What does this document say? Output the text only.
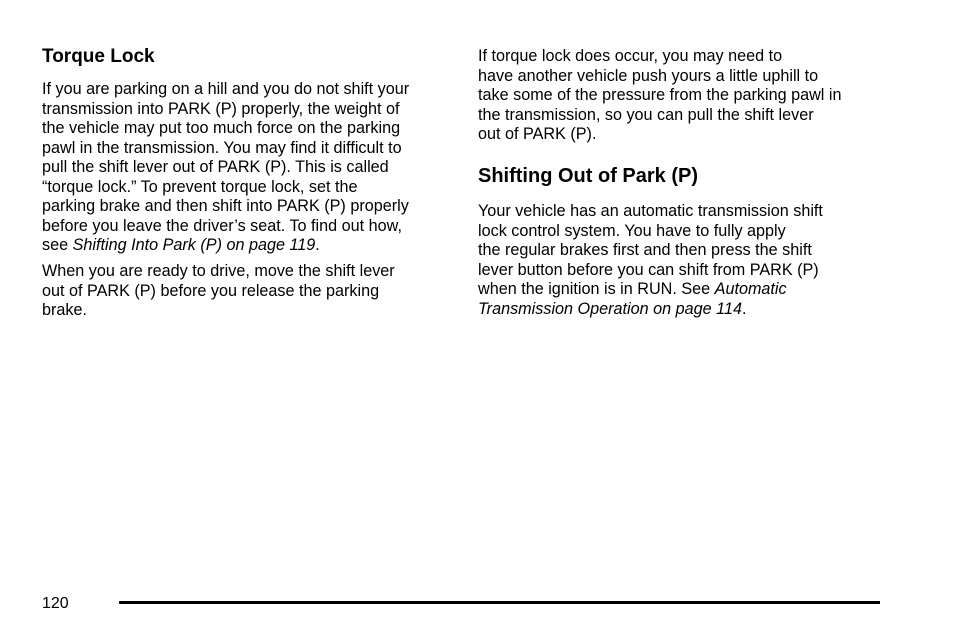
Torque Lock

If you are parking on a hill and you do not shift your
transmission into PARK (P) properly, the weight of
the vehicle may put too much force on the parking
pawl in the transmission. You may find it difficult to
pull the shift lever out of PARK (P). This is called
“torque lock.” To prevent torque lock, set the
parking brake and then shift into PARK (P) properly
before you leave the driver’s seat. To find out how,
see Shifting Into Park (P) on page 119.

When you are ready to drive, move the shift lever
out of PARK (P) before you release the parking
brake.

If torque lock does occur, you may need to
have another vehicle push yours a little uphill to
take some of the pressure from the parking pawl in
the transmission, so you can pull the shift lever
out of PARK (P).

Shifting Out of Park (P)

Your vehicle has an automatic transmission shift
lock control system. You have to fully apply
the regular brakes first and then press the shift
lever button before you can shift from PARK (P)
when the ignition is in RUN. See Automatic
Transmission Operation on page 114.

120
